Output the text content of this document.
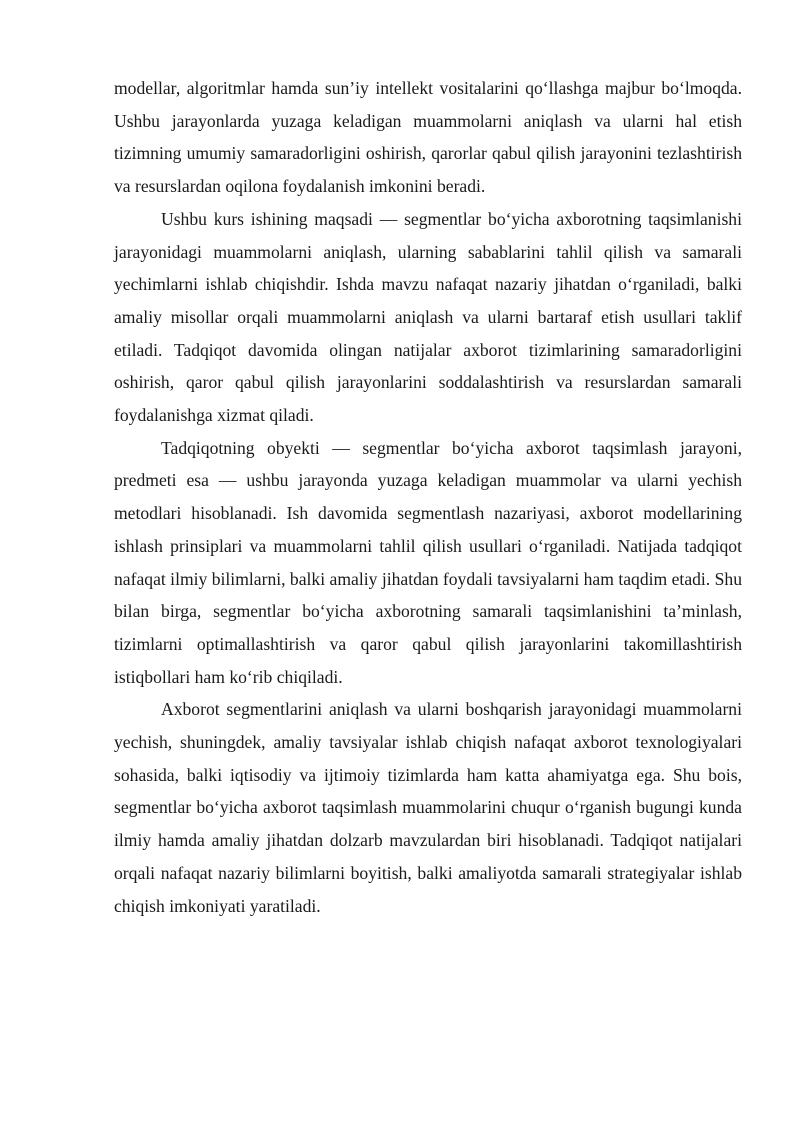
modellar, algoritmlar hamda sun’iy intellekt vositalarini qo‘llashga majbur bo‘lmoqda. Ushbu jarayonlarda yuzaga keladigan muammolarni aniqlash va ularni hal etish tizimning umumiy samaradorligini oshirish, qarorlar qabul qilish jarayonini tezlashtirish va resurslardan oqilona foydalanish imkonini beradi.

Ushbu kurs ishining maqsadi — segmentlar bo‘yicha axborotning taqsimlanishi jarayonidagi muammolarni aniqlash, ularning sabablarini tahlil qilish va samarali yechimlarni ishlab chiqishdir. Ishda mavzu nafaqat nazariy jihatdan o‘rganiladi, balki amaliy misollar orqali muammolarni aniqlash va ularni bartaraf etish usullari taklif etiladi. Tadqiqot davomida olingan natijalar axborot tizimlarining samaradorligini oshirish, qaror qabul qilish jarayonlarini soddalashtirish va resurslardan samarali foydalanishga xizmat qiladi.

Tadqiqotning obyekti — segmentlar bo‘yicha axborot taqsimlash jarayoni, predmeti esa — ushbu jarayonda yuzaga keladigan muammolar va ularni yechish metodlari hisoblanadi. Ish davomida segmentlash nazariyasi, axborot modellarining ishlash prinsiplari va muammolarni tahlil qilish usullari o‘rganiladi. Natijada tadqiqot nafaqat ilmiy bilimlarni, balki amaliy jihatdan foydali tavsiyalarni ham taqdim etadi. Shu bilan birga, segmentlar bo‘yicha axborotning samarali taqsimlanishini ta’minlash, tizimlarni optimallashtirish va qaror qabul qilish jarayonlarini takomillashtirish istiqbollari ham ko‘rib chiqiladi.

Axborot segmentlarini aniqlash va ularni boshqarish jarayonidagi muammolarni yechish, shuningdek, amaliy tavsiyalar ishlab chiqish nafaqat axborot texnologiyalari sohasida, balki iqtisodiy va ijtimoiy tizimlarda ham katta ahamiyatga ega. Shu bois, segmentlar bo‘yicha axborot taqsimlash muammolarini chuqur o‘rganish bugungi kunda ilmiy hamda amaliy jihatdan dolzarb mavzulardan biri hisoblanadi. Tadqiqot natijalari orqali nafaqat nazariy bilimlarni boyitish, balki amaliyotda samarali strategiyalar ishlab chiqish imkoniyati yaratiladi.
